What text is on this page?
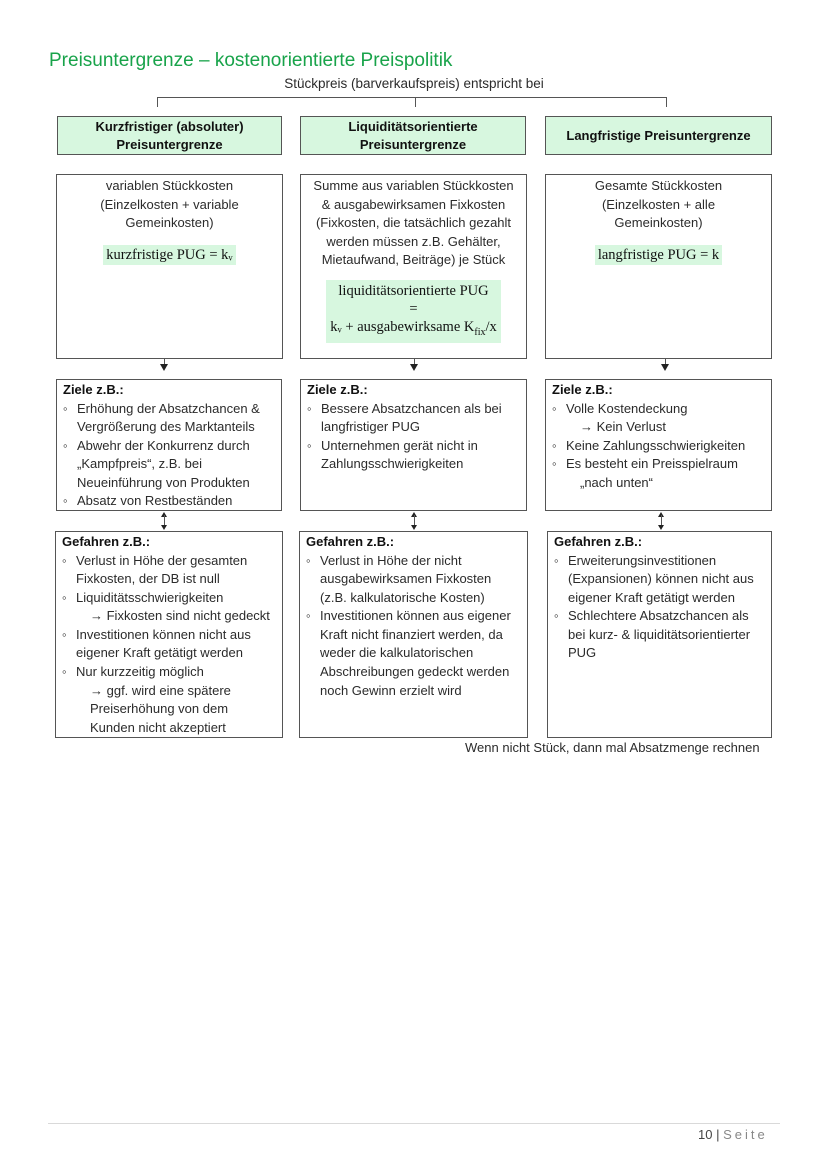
Preisuntergrenze – kostenorientierte Preispolitik
Stückpreis (barverkaufspreis) entspricht bei
Kurzfristiger (absoluter) Preisuntergrenze
Liquiditätsorientierte Preisuntergrenze
Langfristige Preisuntergrenze
variablen Stückkosten
(Einzelkosten + variable
Gemeinkosten)
kurzfristige PUG = kᵥ
Summe aus variablen Stückkosten
& ausgabewirksamen Fixkosten
(Fixkosten, die tatsächlich gezahlt
werden müssen z.B. Gehälter,
Mietaufwand, Beiträge) je Stück
liquiditätsorientierte PUG
=
kᵥ + ausgabewirksame $K_{fix}/x$
Gesamte Stückkosten
(Einzelkosten + alle
Gemeinkosten)
langfristige PUG = k
Ziele z.B.:
◦ Erhöhung der Absatzchancen & Vergrößerung des Marktanteils
◦ Abwehr der Konkurrenz durch „Kampfpreis“, z.B. bei Neueinführung von Produkten
◦ Absatz von Restbeständen
Ziele z.B.:
◦ Bessere Absatzchancen als bei langfristiger PUG
◦ Unternehmen gerät nicht in Zahlungsschwierigkeiten
Ziele z.B.:
◦ Volle Kostendeckung
→ Kein Verlust
◦ Keine Zahlungsschwierigkeiten
◦ Es besteht ein Preisspielraum
„nach unten“
Gefahren z.B.:
◦ Verlust in Höhe der gesamten Fixkosten, der DB ist null
◦ Liquiditätsschwierigkeiten
→ Fixkosten sind nicht gedeckt
◦ Investitionen können nicht aus eigener Kraft getätigt werden
◦ Nur kurzzeitig möglich
→ ggf. wird eine spätere Preiserhöhung von dem Kunden nicht akzeptiert
Gefahren z.B.:
◦ Verlust in Höhe der nicht ausgabewirksamen Fixkosten (z.B. kalkulatorische Kosten)
◦ Investitionen können aus eigener Kraft nicht finanziert werden, da weder die kalkulatorischen Abschreibungen gedeckt werden noch Gewinn erzielt wird
Gefahren z.B.:
◦ Erweiterungsinvestitionen (Expansionen) können nicht aus eigener Kraft getätigt werden
◦ Schlechtere Absatzchancen als bei kurz- & liquiditätsorientierter PUG
Wenn nicht Stück, dann mal Absatzmenge rechnen
10 | Seite
